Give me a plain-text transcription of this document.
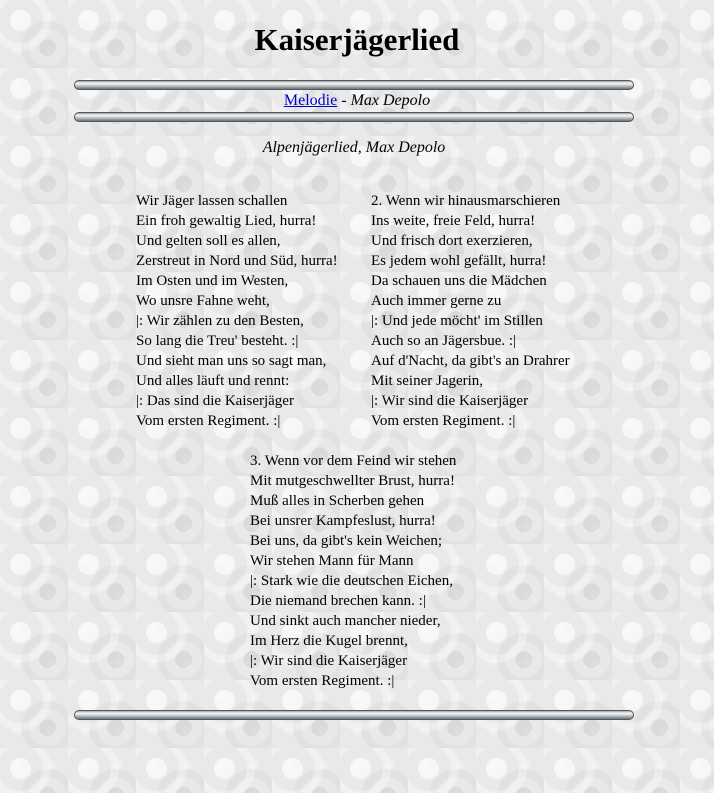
Kaiserjägerlied
Melodie - Max Depolo
Alpenjägerlied, Max Depolo
Wir Jäger lassen schallen
Ein froh gewaltig Lied, hurra!
Und gelten soll es allen,
Zerstreut in Nord und Süd, hurra!
Im Osten und im Westen,
Wo unsre Fahne weht,
|: Wir zählen zu den Besten,
So lang die Treu' besteht. :|
Und sieht man uns so sagt man,
Und alles läuft und rennt:
|: Das sind die Kaiserjäger
Vom ersten Regiment. :|
2. Wenn wir hinausmarschieren
Ins weite, freie Feld, hurra!
Und frisch dort exerzieren,
Es jedem wohl gefällt, hurra!
Da schauen uns die Mädchen
Auch immer gerne zu
|: Und jede möcht' im Stillen
Auch so an Jägersbue. :|
Auf d'Nacht, da gibt's an Drahrer
Mit seiner Jagerin,
|: Wir sind die Kaiserjäger
Vom ersten Regiment. :|
3. Wenn vor dem Feind wir stehen
Mit mutgeschwellter Brust, hurra!
Muß alles in Scherben gehen
Bei unsrer Kampfeslust, hurra!
Bei uns, da gibt's kein Weichen;
Wir stehen Mann für Mann
|: Stark wie die deutschen Eichen,
Die niemand brechen kann. :|
Und sinkt auch mancher nieder,
Im Herz die Kugel brennt,
|: Wir sind die Kaiserjäger
Vom ersten Regiment. :|
